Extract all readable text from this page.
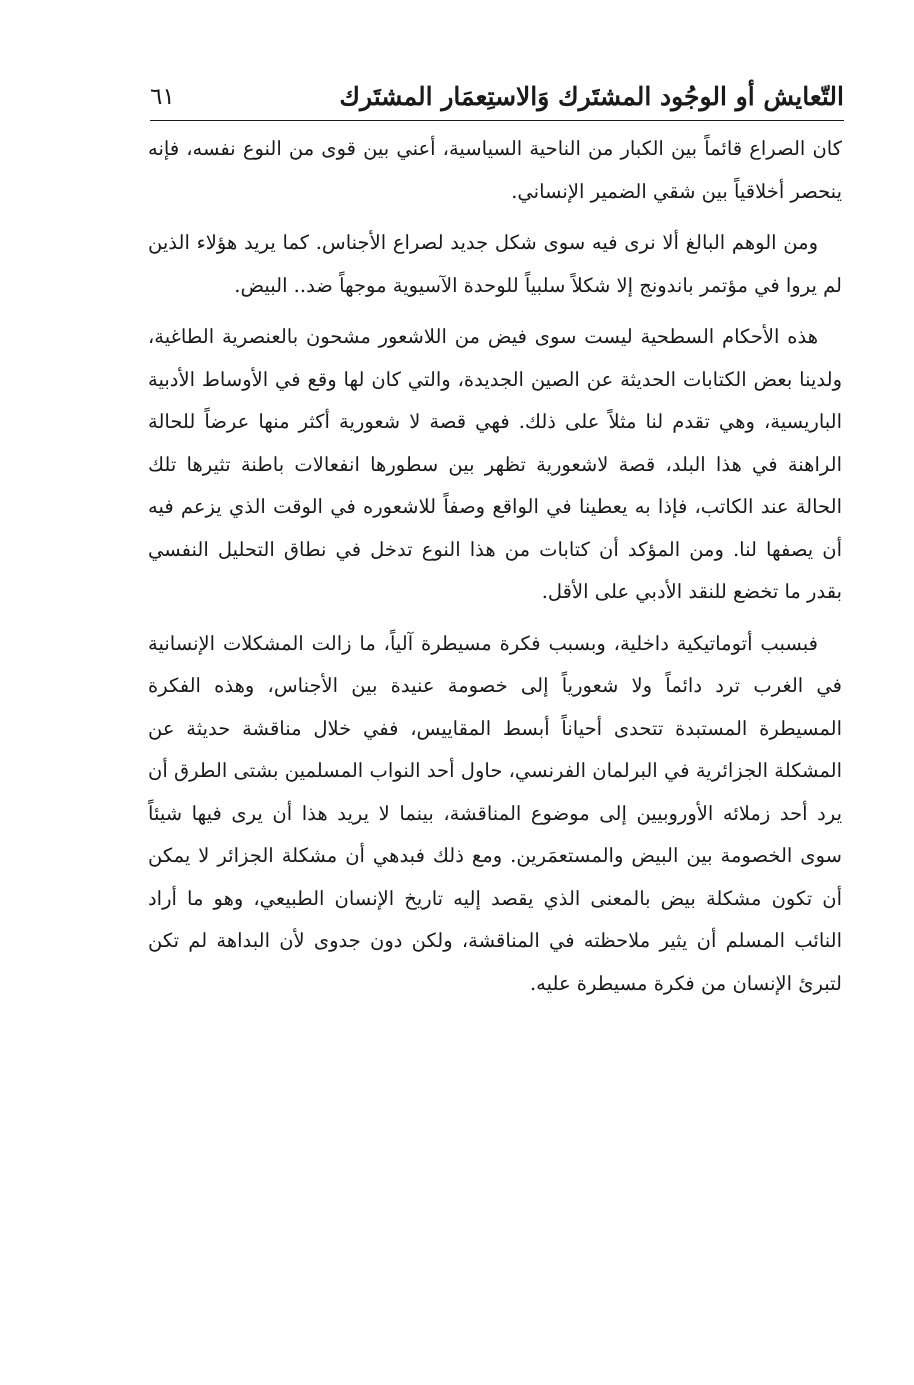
التّعايش أو الوجُود المشتَرك وَالاستِعمَار المشتَرك
٦١

كان الصراع قائماً بين الكبار من الناحية السياسية، أعني بين قوى من النوع نفسه، فإنه ينحصر أخلاقياً بين شقي الضمير الإنساني.

ومن الوهم البالغ ألا نرى فيه سوى شكل جديد لصراع الأجناس. كما يريد هؤلاء الذين لم يروا في مؤتمر باندونج إلا شكلاً سلبياً للوحدة الآسيوية موجهاً ضد.. البيض.

هذه الأحكام السطحية ليست سوى فيض من اللاشعور مشحون بالعنصرية الطاغية، ولدينا بعض الكتابات الحديثة عن الصين الجديدة، والتي كان لها وقع في الأوساط الأدبية الباريسية، وهي تقدم لنا مثلاً على ذلك. فهي قصة لا شعورية أكثر منها عرضاً للحالة الراهنة في هذا البلد، قصة لاشعورية تظهر بين سطورها انفعالات باطنة تثيرها تلك الحالة عند الكاتب، فإذا به يعطينا في الواقع وصفاً للاشعوره في الوقت الذي يزعم فيه أن يصفها لنا. ومن المؤكد أن كتابات من هذا النوع تدخل في نطاق التحليل النفسي بقدر ما تخضع للنقد الأدبي على الأقل.

فبسبب أتوماتيكية داخلية، وبسبب فكرة مسيطرة آلياً، ما زالت المشكلات الإنسانية في الغرب ترد دائماً ولا شعورياً إلى خصومة عنيدة بين الأجناس، وهذه الفكرة المسيطرة المستبدة تتحدى أحياناً أبسط المقاييس، ففي خلال مناقشة حديثة عن المشكلة الجزائرية في البرلمان الفرنسي، حاول أحد النواب المسلمين بشتى الطرق أن يرد أحد زملائه الأوروبيين إلى موضوع المناقشة، بينما لا يريد هذا أن يرى فيها شيئاً سوى الخصومة بين البيض والمستعمَرين. ومع ذلك فبدهي أن مشكلة الجزائر لا يمكن أن تكون مشكلة بيض بالمعنى الذي يقصد إليه تاريخ الإنسان الطبيعي، وهو ما أراد النائب المسلم أن يثير ملاحظته في المناقشة، ولكن دون جدوى لأن البداهة لم تكن لتبرئ الإنسان من فكرة مسيطرة عليه.
